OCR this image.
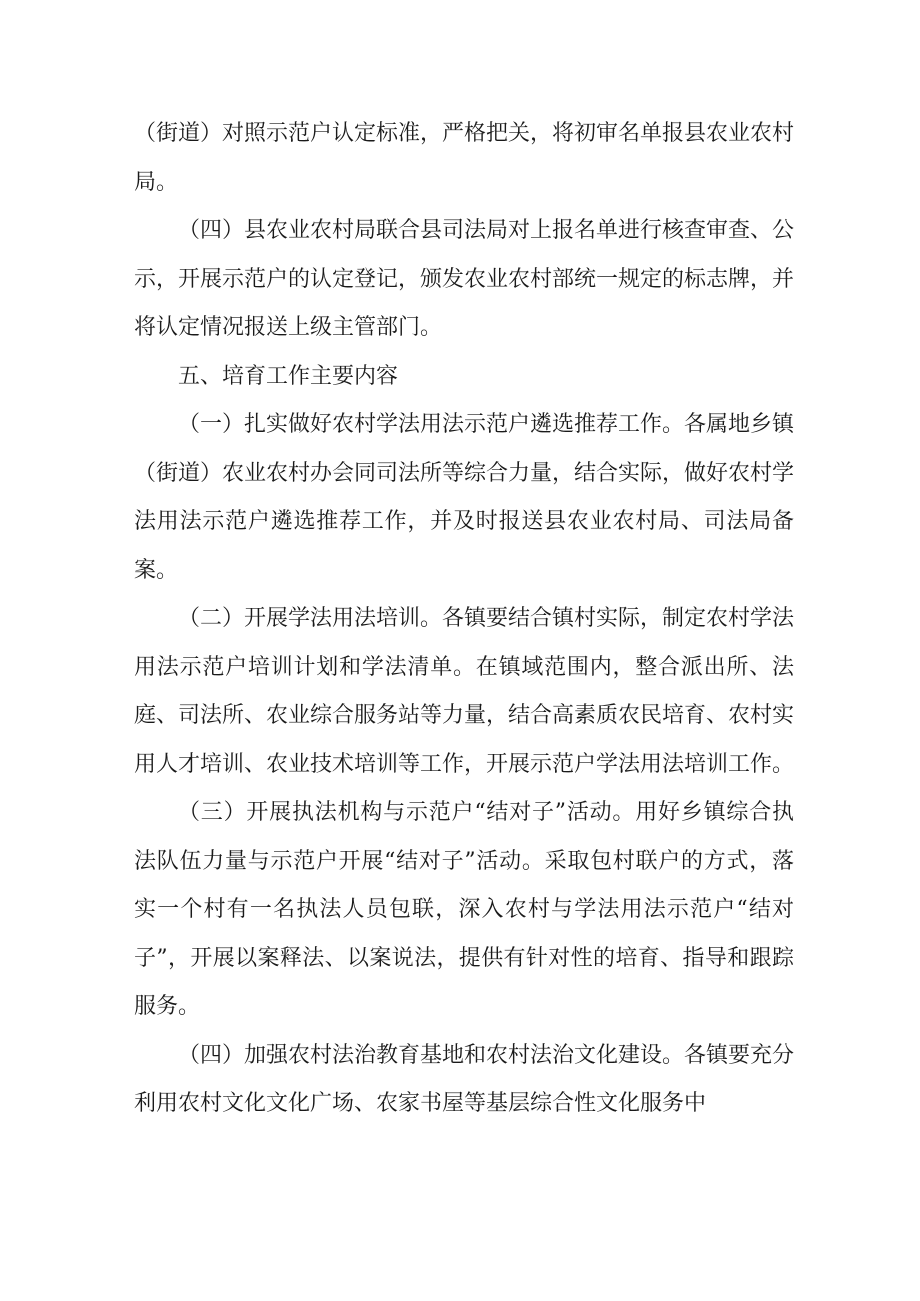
（街道）对照示范户认定标准，严格把关，将初审名单报县农业农村局。

（四）县农业农村局联合县司法局对上报名单进行核查审查、公示，开展示范户的认定登记，颁发农业农村部统一规定的标志牌，并将认定情况报送上级主管部门。

五、培育工作主要内容

（一）扎实做好农村学法用法示范户遴选推荐工作。各属地乡镇（街道）农业农村办会同司法所等综合力量，结合实际，做好农村学法用法示范户遴选推荐工作，并及时报送县农业农村局、司法局备案。

（二）开展学法用法培训。各镇要结合镇村实际，制定农村学法用法示范户培训计划和学法清单。在镇域范围内，整合派出所、法庭、司法所、农业综合服务站等力量，结合高素质农民培育、农村实用人才培训、农业技术培训等工作，开展示范户学法用法培训工作。

（三）开展执法机构与示范户“结对子”活动。用好乡镇综合执法队伍力量与示范户开展“结对子”活动。采取包村联户的方式，落实一个村有一名执法人员包联，深入农村与学法用法示范户“结对子”，开展以案释法、以案说法，提供有针对性的培育、指导和跟踪服务。

（四）加强农村法治教育基地和农村法治文化建设。各镇要充分利用农村文化文化广场、农家书屋等基层综合性文化服务中
